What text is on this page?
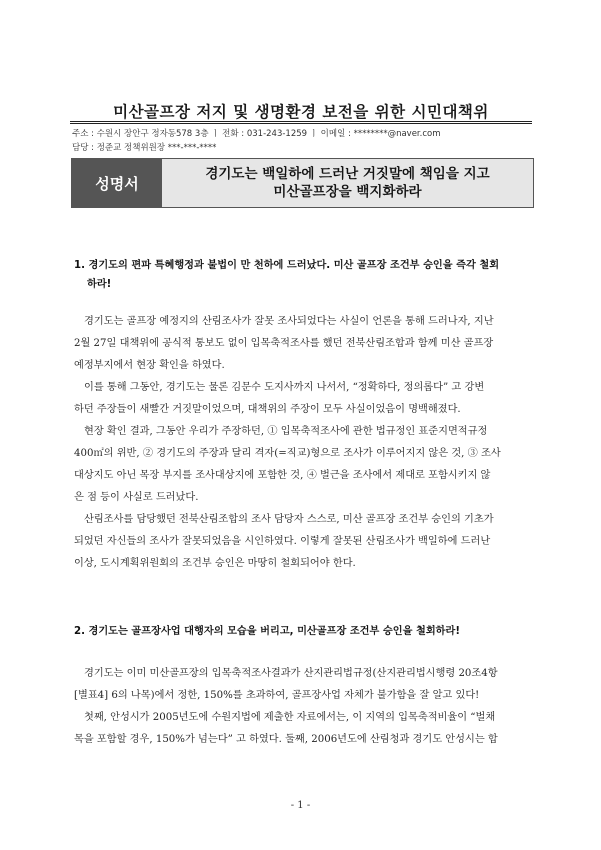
미산골프장 저지 및 생명환경 보전을 위한 시민대책위
주소 : 수원시 장안구 정자동578 3층 ㅣ 전화 : 031-243-1259 ㅣ 이메일 : ********@naver.com
담당 : 정준교 정책위원장 ***-***-****
성명서
경기도는 백일하에 드러난 거짓말에 책임을 지고
미산골프장을 백지화하라
1. 경기도의 편파 특혜행정과 불법이 만 천하에 드러났다. 미산 골프장 조건부 승인을 즉각 철회
하라!
경기도는 골프장 예정지의 산림조사가 잘못 조사되었다는 사실이 언론을 통해 드러나자, 지난
2월 27일 대책위에 공식적 통보도 없이 입목축적조사를 했던 전북산림조합과 함께 미산 골프장
예정부지에서 현장 확인을 하였다.
이를 통해 그동안, 경기도는 물론 김문수 도지사까지 나서서, “정확하다, 정의롭다” 고 강변
하던 주장들이 새빨간 거짓말이었으며, 대책위의 주장이 모두 사실이었음이 명백해졌다.
현장 확인 결과, 그동안 우리가 주장하던, ① 입목축적조사에 관한 법규정인 표준지면적규정
400㎡의 위반, ② 경기도의 주장과 달리 격자(=직교)형으로 조사가 이루어지지 않은 것, ③ 조사
대상지도 아닌 목장 부지를 조사대상지에 포함한 것, ④ 벌근을 조사에서 제대로 포함시키지 않
은 점 등이 사실로 드러났다.
산림조사를 담당했던 전북산림조합의 조사 담당자 스스로, 미산 골프장 조건부 승인의 기초가
되었던 자신들의 조사가 잘못되었음을 시인하였다. 이렇게 잘못된 산림조사가 백일하에 드러난
이상, 도시계획위원회의 조건부 승인은 마땅히 철회되어야 한다.
2. 경기도는 골프장사업 대행자의 모습을 버리고, 미산골프장 조건부 승인을 철회하라!
경기도는 이미 미산골프장의 입목축적조사결과가 산지관리법규정(산지관리법시행령 20조4항
[별표4] 6의 나목)에서 정한, 150%를 초과하여, 골프장사업 자체가 불가함을 잘 알고 있다!
첫째, 안성시가 2005년도에 수원지법에 제출한 자료에서는, 이 지역의 입목축적비율이 “벌채
목을 포함할 경우, 150%가 넘는다” 고 하였다. 둘째, 2006년도에 산림청과 경기도 안성시는 합
- 1 -
